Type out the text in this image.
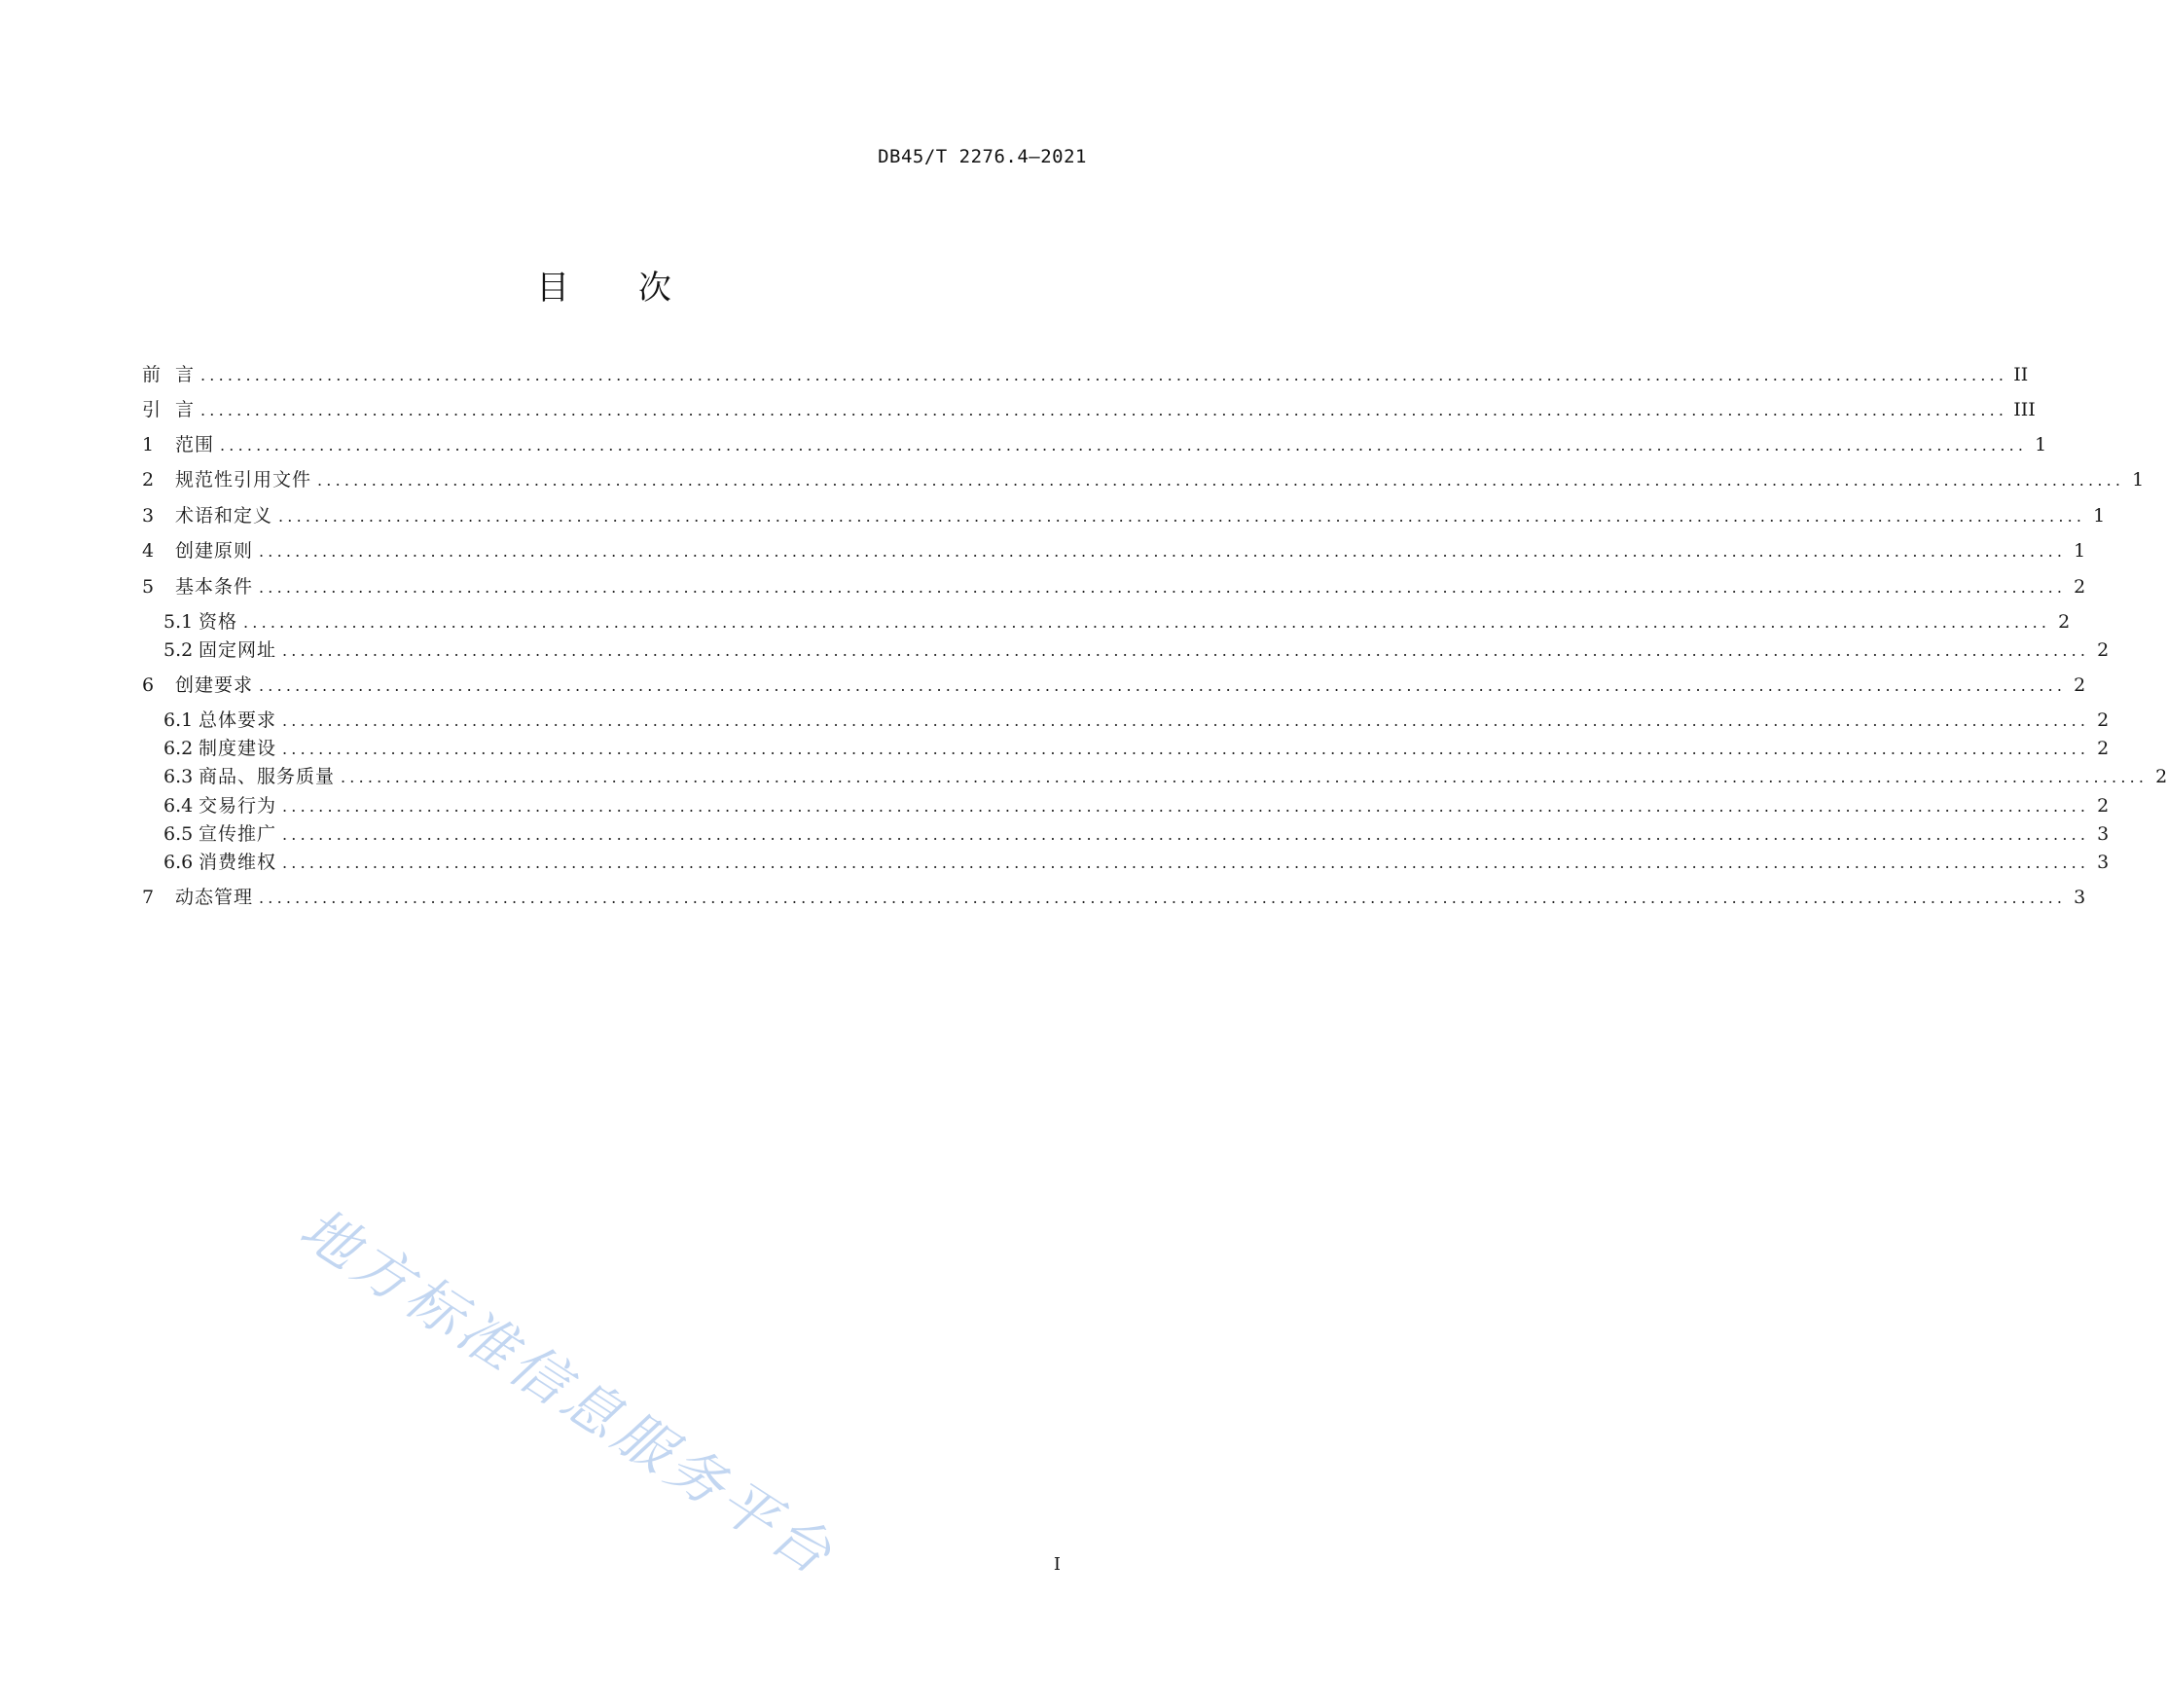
DB45/T 2276.4—2021
目 次
前 言 ........................................................................................................................................................................................................ II
引 言 ........................................................................................................................................................................................................ III
1 范围 ........................................................................................................................................................................................................ 1
2 规范性引用文件 ........................................................................................................................................................................................................ 1
3 术语和定义 ........................................................................................................................................................................................................ 1
4 创建原则 ........................................................................................................................................................................................................ 1
5 基本条件 ........................................................................................................................................................................................................ 2
5.1 资格 ........................................................................................................................................................................................................ 2
5.2 固定网址 ........................................................................................................................................................................................................ 2
6 创建要求 ........................................................................................................................................................................................................ 2
6.1 总体要求 ........................................................................................................................................................................................................ 2
6.2 制度建设 ........................................................................................................................................................................................................ 2
6.3 商品、服务质量 ........................................................................................................................................................................................................ 2
6.4 交易行为 ........................................................................................................................................................................................................ 2
6.5 宣传推广 ........................................................................................................................................................................................................ 3
6.6 消费维权 ........................................................................................................................................................................................................ 3
7 动态管理 ........................................................................................................................................................................................................ 3
地方标准信息服务平台	I
